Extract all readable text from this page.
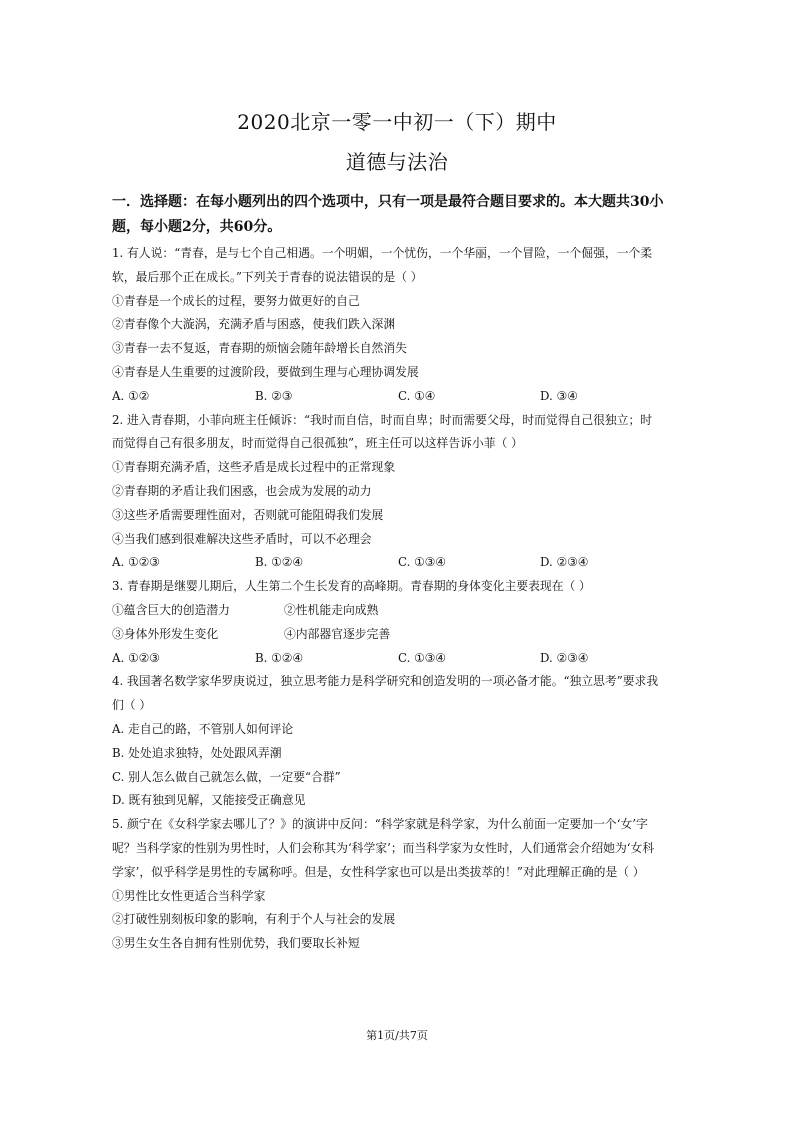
2020北京一零一中初一（下）期中
道德与法治
一．选择题：在每小题列出的四个选项中，只有一项是最符合题目要求的。本大题共30小题，每小题2分，共60分。
1. 有人说：“青春，是与七个自己相遇。一个明媚，一个忧伤，一个华丽，一个冒险，一个倔强，一个柔
软，最后那个正在成长。”下列关于青春的说法错误的是（ ）
①青春是一个成长的过程，要努力做更好的自己
②青春像个大漩涡，充满矛盾与困惑，使我们跌入深渊
③青春一去不复返，青春期的烦恼会随年龄增长自然消失
④青春是人生重要的过渡阶段，要做到生理与心理协调发展
A. ①②	B. ②③	C. ①④	D. ③④
2. 进入青春期，小菲向班主任倾诉：“我时而自信，时而自卑；时而需要父母，时而觉得自己很独立；时
而觉得自己有很多朋友，时而觉得自己很孤独”，班主任可以这样告诉小菲（ ）
①青春期充满矛盾，这些矛盾是成长过程中的正常现象
②青春期的矛盾让我们困惑，也会成为发展的动力
③这些矛盾需要理性面对，否则就可能阻碍我们发展
④当我们感到很难解决这些矛盾时，可以不必理会
A. ①②③	B. ①②④	C. ①③④	D. ②③④
3. 青春期是继婴儿期后，人生第二个生长发育的高峰期。青春期的身体变化主要表现在（ ）
①蕴含巨大的创造潜力	②性机能走向成熟
③身体外形发生变化	④内部器官逐步完善
A. ①②③	B. ①②④	C. ①③④	D. ②③④
4. 我国著名数学家华罗庚说过，独立思考能力是科学研究和创造发明的一项必备才能。“独立思考”要求我
们（ ）
A. 走自己的路，不管别人如何评论
B. 处处追求独特，处处跟风弄潮
C. 别人怎么做自己就怎么做，一定要“合群”
D. 既有独到见解，又能接受正确意见
5. 颜宁在《女科学家去哪儿了？》的演讲中反问：“科学家就是科学家，为什么前面一定要加一个‘女’字
呢？当科学家的性别为男性时，人们会称其为‘科学家’；而当科学家为女性时，人们通常会介绍她为‘女科
学家’，似乎科学是男性的专属称呼。但是，女性科学家也可以是出类拔萃的！”对此理解正确的是（ ）
①男性比女性更适合当科学家
②打破性别刻板印象的影响，有利于个人与社会的发展
③男生女生各自拥有性别优势，我们要取长补短
第1页/共7页
